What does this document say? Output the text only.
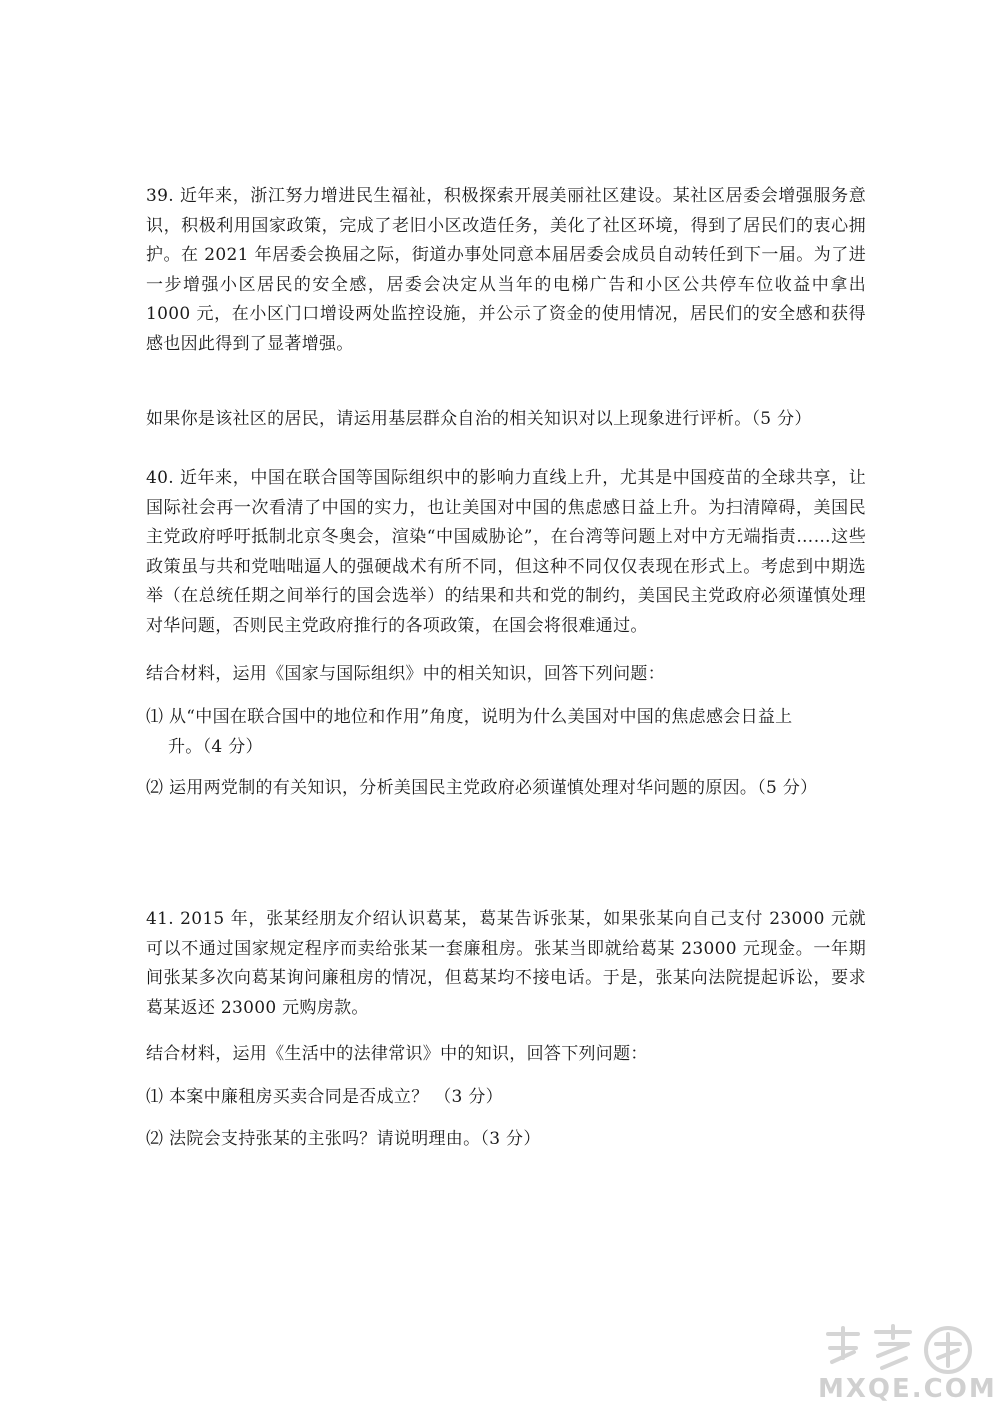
39. 近年来，浙江努力增进民生福祉，积极探索开展美丽社区建设。某社区居委会增强服务意识，积极利用国家政策，完成了老旧小区改造任务，美化了社区环境，得到了居民们的衷心拥护。在 2021 年居委会换届之际，街道办事处同意本届居委会成员自动转任到下一届。为了进一步增强小区居民的安全感，居委会决定从当年的电梯广告和小区公共停车位收益中拿出 1000 元，在小区门口增设两处监控设施，并公示了资金的使用情况，居民们的安全感和获得感也因此得到了显著增强。

如果你是该社区的居民，请运用基层群众自治的相关知识对以上现象进行评析。（5 分）

40. 近年来，中国在联合国等国际组织中的影响力直线上升，尤其是中国疫苗的全球共享，让国际社会再一次看清了中国的实力，也让美国对中国的焦虑感日益上升。为扫清障碍，美国民主党政府呼吁抵制北京冬奥会，渲染“中国威胁论”，在台湾等问题上对中方无端指责……这些政策虽与共和党咄咄逼人的强硬战术有所不同，但这种不同仅仅表现在形式上。考虑到中期选举（在总统任期之间举行的国会选举）的结果和共和党的制约，美国民主党政府必须谨慎处理对华问题，否则民主党政府推行的各项政策，在国会将很难通过。

结合材料，运用《国家与国际组织》中的相关知识，回答下列问题：

⑴ 从“中国在联合国中的地位和作用”角度，说明为什么美国对中国的焦虑感会日益上
升。（4 分）

⑵ 运用两党制的有关知识，分析美国民主党政府必须谨慎处理对华问题的原因。（5 分）

41. 2015 年，张某经朋友介绍认识葛某，葛某告诉张某，如果张某向自己支付 23000 元就可以不通过国家规定程序而卖给张某一套廉租房。张某当即就给葛某 23000 元现金。一年期间张某多次向葛某询问廉租房的情况，但葛某均不接电话。于是，张某向法院提起诉讼，要求葛某返还 23000 元购房款。

结合材料，运用《生活中的法律常识》中的知识，回答下列问题：

⑴ 本案中廉租房买卖合同是否成立？ （3 分）

⑵ 法院会支持张某的主张吗？请说明理由。（3 分）

MXQE.COM
